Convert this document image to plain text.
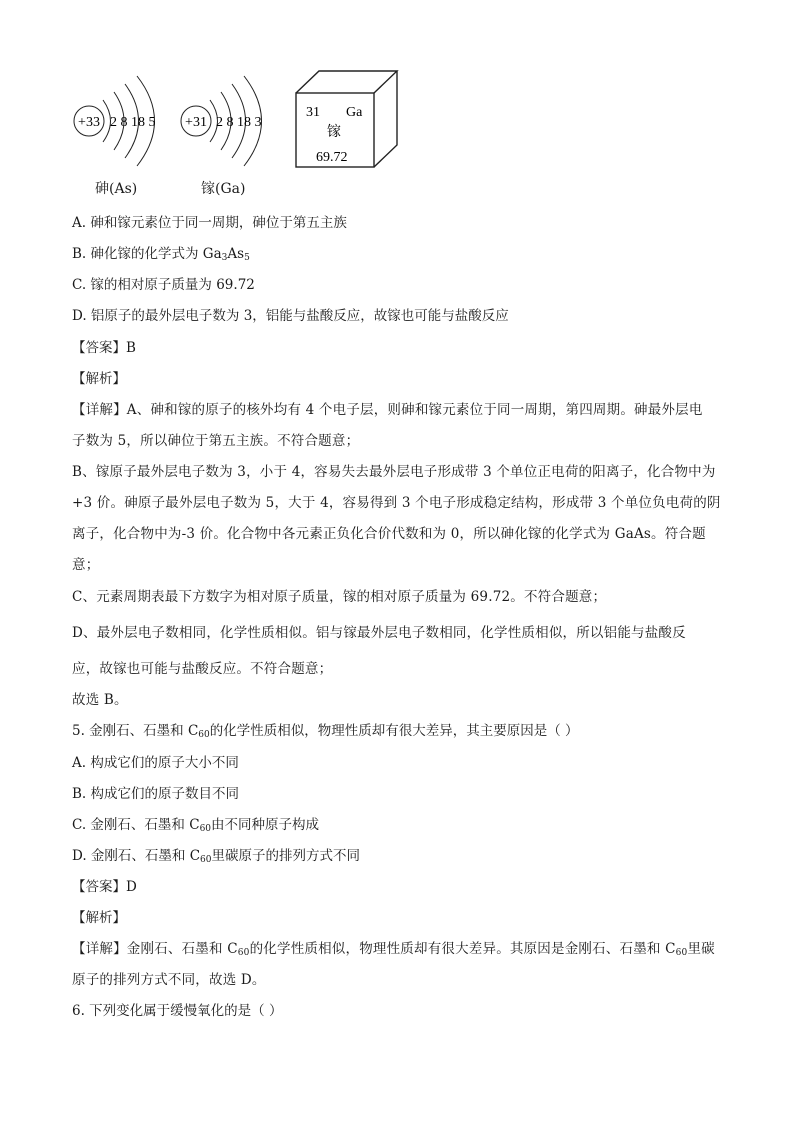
+33 2 8 18 5 +31 2 8 18 3
31 Ga
镓
69.72
砷(As)	镓(Ga)
A. 砷和镓元素位于同一周期，砷位于第五主族
B. 砷化镓的化学式为 $Ga_3As_5$
C. 镓的相对原子质量为 69.72
D. 铝原子的最外层电子数为 3，铝能与盐酸反应，故镓也可能与盐酸反应
【答案】B
【解析】
【详解】A、砷和镓的原子的核外均有 4 个电子层，则砷和镓元素位于同一周期，第四周期。砷最外层电
子数为 5，所以砷位于第五主族。不符合题意；
B、镓原子最外层电子数为 3，小于 4，容易失去最外层电子形成带 3 个单位正电荷的阳离子，化合物中为
+3 价。砷原子最外层电子数为 5，大于 4，容易得到 3 个电子形成稳定结构，形成带 3 个单位负电荷的阴
离子，化合物中为-3 价。化合物中各元素正负化合价代数和为 0，所以砷化镓的化学式为 GaAs。符合题
意；
C、元素周期表最下方数字为相对原子质量，镓的相对原子质量为 69.72。不符合题意；
D、最外层电子数相同，化学性质相似。铝与镓最外层电子数相同，化学性质相似，所以铝能与盐酸反
应，故镓也可能与盐酸反应。不符合题意；
故选 B。
5. 金刚石、石墨和 $C_{60}$的化学性质相似，物理性质却有很大差异，其主要原因是（ ）
A. 构成它们的原子大小不同
B. 构成它们的原子数目不同
C. 金刚石、石墨和 $C_{60}$由不同种原子构成
D. 金刚石、石墨和 $C_{60}$里碳原子的排列方式不同
【答案】D
【解析】
【详解】金刚石、石墨和 $C_{60}$的化学性质相似，物理性质却有很大差异。其原因是金刚石、石墨和 $C_{60}$里碳
原子的排列方式不同，故选 D。
6. 下列变化属于缓慢氧化的是（ ）
